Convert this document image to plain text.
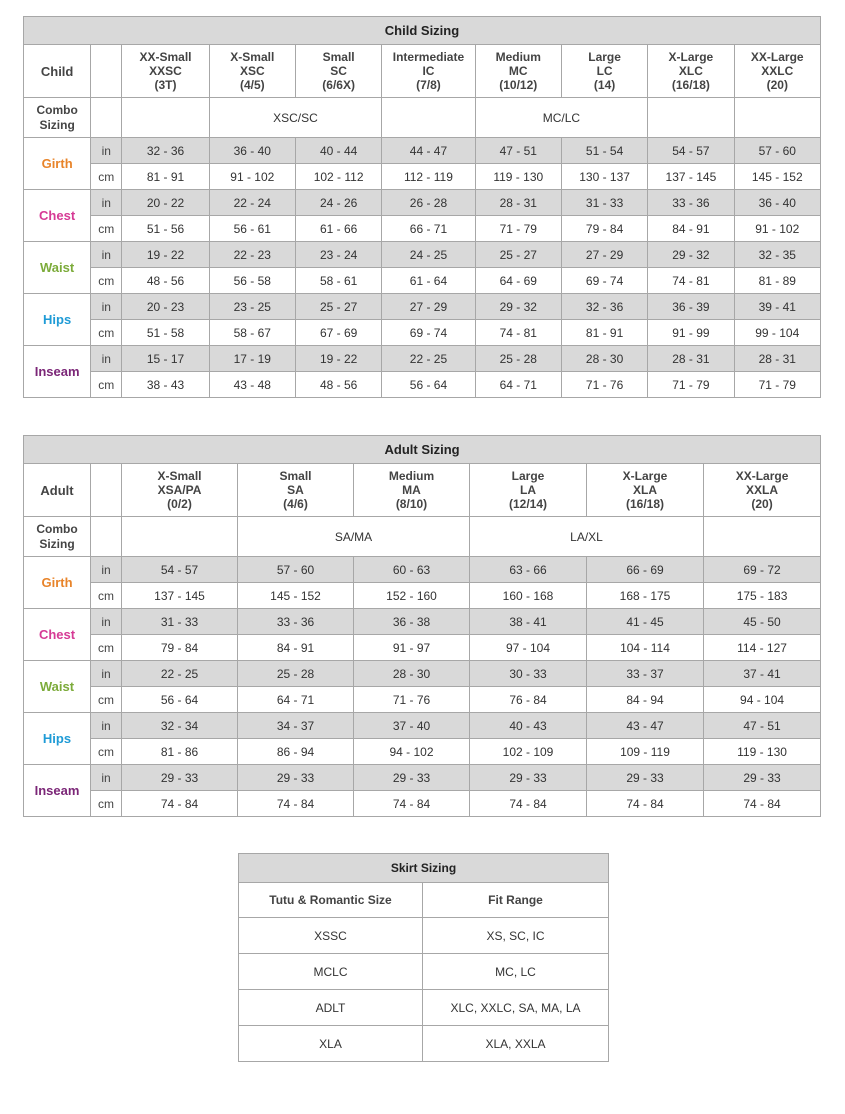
Child Sizing									
Child		XX-Small
XXSC
(3T)	X-Small
XSC
(4/5)	Small
SC
(6/6X)	Intermediate
IC
(7/8)	Medium
MC
(10/12)	Large
LC
(14)	X-Large
XLC
(16/18)	XX-Large
XXLC
(20)

Combo
Sizing			XSC/SC			MC/LC			
Girth	in	32 - 36	36 - 40	40 - 44	44 - 47	47 - 51	51 - 54	54 - 57	57 - 60
	cm	81 - 91	91 - 102	102 - 112	112 - 119	119 - 130	130 - 137	137 - 145	145 - 152
Chest	in	20 - 22	22 - 24	24 - 26	26 - 28	28 - 31	31 - 33	33 - 36	36 - 40
	cm	51 - 56	56 - 61	61 - 66	66 - 71	71 - 79	79 - 84	84 - 91	91 - 102
Waist	in	19 - 22	22 - 23	23 - 24	24 - 25	25 - 27	27 - 29	29 - 32	32 - 35
	cm	48 - 56	56 - 58	58 - 61	61 - 64	64 - 69	69 - 74	74 - 81	81 - 89
Hips	in	20 - 23	23 - 25	25 - 27	27 - 29	29 - 32	32 - 36	36 - 39	39 - 41
	cm	51 - 58	58 - 67	67 - 69	69 - 74	74 - 81	81 - 91	91 - 99	99 - 104
Inseam	in	15 - 17	17 - 19	19 - 22	22 - 25	25 - 28	28 - 30	28 - 31	28 - 31
	cm	38 - 43	43 - 48	48 - 56	56 - 64	64 - 71	71 - 76	71 - 79	71 - 79
Adult Sizing							
Adult		X-Small
XSA/PA
(0/2)	Small
SA
(4/6)	Medium
MA
(8/10)	Large
LA
(12/14)	X-Large
XLA
(16/18)	XX-Large
XXLA
(20)

Combo
Sizing			SA/MA		LA/XL		
Girth	in	54 - 57	57 - 60	60 - 63	63 - 66	66 - 69	69 - 72
	cm	137 - 145	145 - 152	152 - 160	160 - 168	168 - 175	175 - 183
Chest	in	31 - 33	33 - 36	36 - 38	38 - 41	41 - 45	45 - 50
	cm	79 - 84	84 - 91	91 - 97	97 - 104	104 - 114	114 - 127
Waist	in	22 - 25	25 - 28	28 - 30	30 - 33	33 - 37	37 - 41
	cm	56 - 64	64 - 71	71 - 76	76 - 84	84 - 94	94 - 104
Hips	in	32 - 34	34 - 37	37 - 40	40 - 43	43 - 47	47 - 51
	cm	81 - 86	86 - 94	94 - 102	102 - 109	109 - 119	119 - 130
Inseam	in	29 - 33	29 - 33	29 - 33	29 - 33	29 - 33	29 - 33
	cm	74 - 84	74 - 84	74 - 84	74 - 84	74 - 84	74 - 84
Skirt Sizing	
Tutu & Romantic Size	Fit Range
XSSC	XS, SC, IC
MCLC	MC, LC
ADLT	XLC, XXLC, SA, MA, LA
XLA	XLA, XXLA
